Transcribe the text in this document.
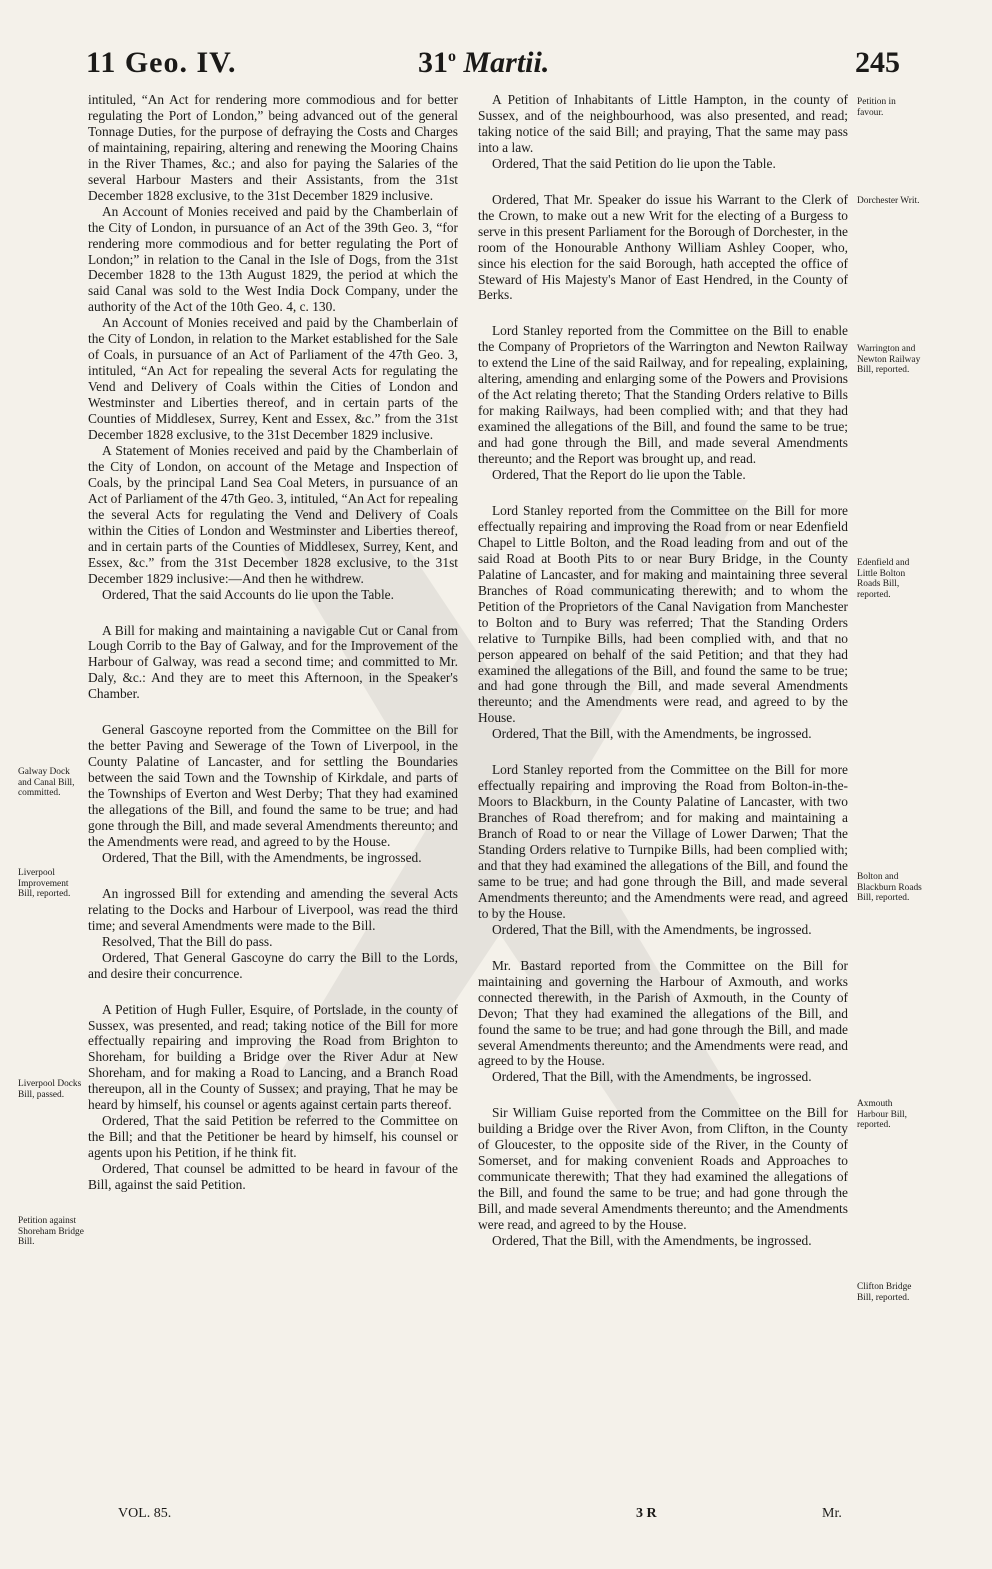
11 Geo. IV.	31$^o$ Martii.	245

intituled, “An Act for rendering more commodious and for better regulating the Port of London,” being advanced out of the general Tonnage Duties, for the purpose of defraying the Costs and Charges of maintaining, repairing, altering and renewing the Mooring Chains in the River Thames, &c.; and also for paying the Salaries of the several Harbour Masters and their Assistants, from the 31st December 1828 exclusive, to the 31st December 1829 inclusive.

An Account of Monies received and paid by the Chamberlain of the City of London, in pursuance of an Act of the 39th Geo. 3, “for rendering more commodious and for better regulating the Port of London;” in relation to the Canal in the Isle of Dogs, from the 31st December 1828 to the 13th August 1829, the period at which the said Canal was sold to the West India Dock Company, under the authority of the Act of the 10th Geo. 4, c. 130.

An Account of Monies received and paid by the Chamberlain of the City of London, in relation to the Market established for the Sale of Coals, in pursuance of an Act of Parliament of the 47th Geo. 3, intituled, “An Act for repealing the several Acts for regulating the Vend and Delivery of Coals within the Cities of London and Westminster and Liberties thereof, and in certain parts of the Counties of Middlesex, Surrey, Kent and Essex, &c.” from the 31st December 1828 exclusive, to the 31st December 1829 inclusive.

A Statement of Monies received and paid by the Chamberlain of the City of London, on account of the Metage and Inspection of Coals, by the principal Land Sea Coal Meters, in pursuance of an Act of Parliament of the 47th Geo. 3, intituled, “An Act for repealing the several Acts for regulating the Vend and Delivery of Coals within the Cities of London and Westminster and Liberties thereof, and in certain parts of the Counties of Middlesex, Surrey, Kent, and Essex, &c.” from the 31st December 1828 exclusive, to the 31st December 1829 inclusive:—And then he withdrew.

Ordered, That the said Accounts do lie upon the Table.

A Bill for making and maintaining a navigable Cut or Canal from Lough Corrib to the Bay of Galway, and for the Improvement of the Harbour of Galway, was read a second time; and committed to Mr. Daly, &c.: And they are to meet this Afternoon, in the Speaker's Chamber.

General Gascoyne reported from the Committee on the Bill for the better Paving and Sewerage of the Town of Liverpool, in the County Palatine of Lancaster, and for settling the Boundaries between the said Town and the Township of Kirkdale, and parts of the Townships of Everton and West Derby; That they had examined the allegations of the Bill, and found the same to be true; and had gone through the Bill, and made several Amendments thereunto; and the Amendments were read, and agreed to by the House.

Ordered, That the Bill, with the Amendments, be ingrossed.

An ingrossed Bill for extending and amending the several Acts relating to the Docks and Harbour of Liverpool, was read the third time; and several Amendments were made to the Bill.

Resolved, That the Bill do pass.

Ordered, That General Gascoyne do carry the Bill to the Lords, and desire their concurrence.

A Petition of Hugh Fuller, Esquire, of Portslade, in the county of Sussex, was presented, and read; taking notice of the Bill for more effectually repairing and improving the Road from Brighton to Shoreham, for building a Bridge over the River Adur at New Shoreham, and for making a Road to Lancing, and a Branch Road thereupon, all in the County of Sussex; and praying, That he may be heard by himself, his counsel or agents against certain parts thereof.

Ordered, That the said Petition be referred to the Committee on the Bill; and that the Petitioner be heard by himself, his counsel or agents upon his Petition, if he think fit.

Ordered, That counsel be admitted to be heard in favour of the Bill, against the said Petition.

A Petition of Inhabitants of Little Hampton, in the county of Sussex, and of the neighbourhood, was also presented, and read; taking notice of the said Bill; and praying, That the same may pass into a law.

Ordered, That the said Petition do lie upon the Table.

Ordered, That Mr. Speaker do issue his Warrant to the Clerk of the Crown, to make out a new Writ for the electing of a Burgess to serve in this present Parliament for the Borough of Dorchester, in the room of the Honourable Anthony William Ashley Cooper, who, since his election for the said Borough, hath accepted the office of Steward of His Majesty's Manor of East Hendred, in the County of Berks.

Lord Stanley reported from the Committee on the Bill to enable the Company of Proprietors of the Warrington and Newton Railway to extend the Line of the said Railway, and for repealing, explaining, altering, amending and enlarging some of the Powers and Provisions of the Act relating thereto; That the Standing Orders relative to Bills for making Railways, had been complied with; and that they had examined the allegations of the Bill, and found the same to be true; and had gone through the Bill, and made several Amendments thereunto; and the Report was brought up, and read.

Ordered, That the Report do lie upon the Table.

Lord Stanley reported from the Committee on the Bill for more effectually repairing and improving the Road from or near Edenfield Chapel to Little Bolton, and the Road leading from and out of the said Road at Booth Pits to or near Bury Bridge, in the County Palatine of Lancaster, and for making and maintaining three several Branches of Road communicating therewith; and to whom the Petition of the Proprietors of the Canal Navigation from Manchester to Bolton and to Bury was referred; That the Standing Orders relative to Turnpike Bills, had been complied with, and that no person appeared on behalf of the said Petition; and that they had examined the allegations of the Bill, and found the same to be true; and had gone through the Bill, and made several Amendments thereunto; and the Amendments were read, and agreed to by the House.

Ordered, That the Bill, with the Amendments, be ingrossed.

Lord Stanley reported from the Committee on the Bill for more effectually repairing and improving the Road from Bolton-in-the-Moors to Blackburn, in the County Palatine of Lancaster, with two Branches of Road therefrom; and for making and maintaining a Branch of Road to or near the Village of Lower Darwen; That the Standing Orders relative to Turnpike Bills, had been complied with; and that they had examined the allegations of the Bill, and found the same to be true; and had gone through the Bill, and made several Amendments thereunto; and the Amendments were read, and agreed to by the House.

Ordered, That the Bill, with the Amendments, be ingrossed.

Mr. Bastard reported from the Committee on the Bill for maintaining and governing the Harbour of Axmouth, and works connected therewith, in the Parish of Axmouth, in the County of Devon; That they had examined the allegations of the Bill, and found the same to be true; and had gone through the Bill, and made several Amendments thereunto; and the Amendments were read, and agreed to by the House.

Ordered, That the Bill, with the Amendments, be ingrossed.

Sir William Guise reported from the Committee on the Bill for building a Bridge over the River Avon, from Clifton, in the County of Gloucester, to the opposite side of the River, in the County of Somerset, and for making convenient Roads and Approaches to communicate therewith; That they had examined the allegations of the Bill, and found the same to be true; and had gone through the Bill, and made several Amendments thereunto; and the Amendments were read, and agreed to by the House.

Ordered, That the Bill, with the Amendments, be ingrossed.

Galway Dock and Canal Bill, committed.
Liverpool Improvement Bill, reported.
Liverpool Docks Bill, passed.
Petition against Shoreham Bridge Bill.
Petition in favour.
Dorchester Writ.
Warrington and Newton Railway Bill, reported.
Edenfield and Little Bolton Roads Bill, reported.
Bolton and Blackburn Roads Bill, reported.
Axmouth Harbour Bill, reported.
Clifton Bridge Bill, reported.
VOL. 85.	3 R	Mr.
